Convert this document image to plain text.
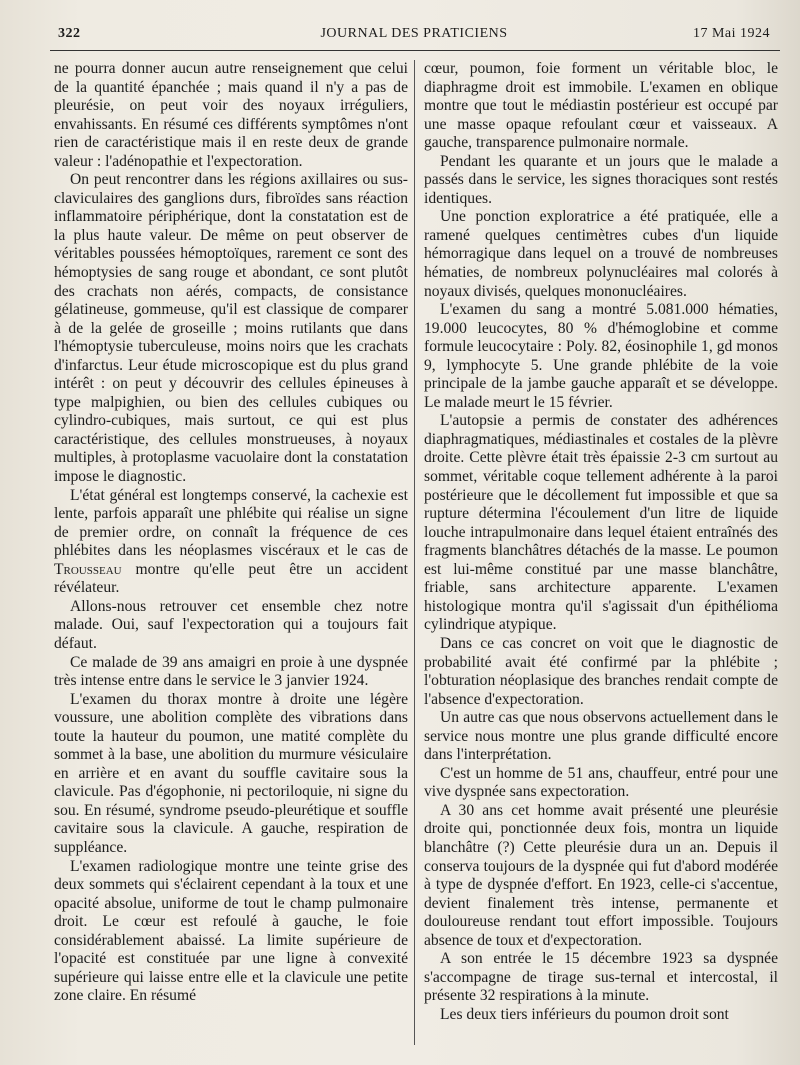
322	JOURNAL DES PRATICIENS	17 Mai 1924

ne pourra donner aucun autre renseignement que celui de la quantité épanchée ; mais quand il n'y a pas de pleurésie, on peut voir des noyaux irréguliers, envahissants. En résumé ces différents symptômes n'ont rien de caractéristique mais il en reste deux de grande valeur : l'adénopathie et l'expectoration.

On peut rencontrer dans les régions axillaires ou sus-claviculaires des ganglions durs, fibroïdes sans réaction inflammatoire périphérique, dont la constatation est de la plus haute valeur. De même on peut observer de véritables poussées hémoptoïques, rarement ce sont des hémoptysies de sang rouge et abondant, ce sont plutôt des crachats non aérés, compacts, de consistance gélatineuse, gommeuse, qu'il est classique de comparer à de la gelée de groseille ; moins rutilants que dans l'hémoptysie tuberculeuse, moins noirs que les crachats d'infarctus. Leur étude microscopique est du plus grand intérêt : on peut y découvrir des cellules épineuses à type malpighien, ou bien des cellules cubiques ou cylindro-cubiques, mais surtout, ce qui est plus caractéristique, des cellules monstrueuses, à noyaux multiples, à protoplasme vacuolaire dont la constatation impose le diagnostic.

L'état général est longtemps conservé, la cachexie est lente, parfois apparaît une phlébite qui réalise un signe de premier ordre, on connaît la fréquence de ces phlébites dans les néoplasmes viscéraux et le cas de Trousseau montre qu'elle peut être un accident révélateur.

Allons-nous retrouver cet ensemble chez notre malade. Oui, sauf l'expectoration qui a toujours fait défaut.

Ce malade de 39 ans amaigri en proie à une dyspnée très intense entre dans le service le 3 janvier 1924.

L'examen du thorax montre à droite une légère voussure, une abolition complète des vibrations dans toute la hauteur du poumon, une matité complète du sommet à la base, une abolition du murmure vésiculaire en arrière et en avant du souffle cavitaire sous la clavicule. Pas d'égophonie, ni pectoriloquie, ni signe du sou. En résumé, syndrome pseudo-pleurétique et souffle cavitaire sous la clavicule. A gauche, respiration de suppléance.

L'examen radiologique montre une teinte grise des deux sommets qui s'éclairent cependant à la toux et une opacité absolue, uniforme de tout le champ pulmonaire droit. Le cœur est refoulé à gauche, le foie considérablement abaissé. La limite supérieure de l'opacité est constituée par une ligne à convexité supérieure qui laisse entre elle et la clavicule une petite zone claire. En résumé

cœur, poumon, foie forment un véritable bloc, le diaphragme droit est immobile. L'examen en oblique montre que tout le médiastin postérieur est occupé par une masse opaque refoulant cœur et vaisseaux. A gauche, transparence pulmonaire normale.

Pendant les quarante et un jours que le malade a passés dans le service, les signes thoraciques sont restés identiques.

Une ponction exploratrice a été pratiquée, elle a ramené quelques centimètres cubes d'un liquide hémorragique dans lequel on a trouvé de nombreuses hématies, de nombreux polynucléaires mal colorés à noyaux divisés, quelques mononucléaires.

L'examen du sang a montré 5.081.000 hématies, 19.000 leucocytes, 80 % d'hémoglobine et comme formule leucocytaire : Poly. 82, éosinophile 1, gd monos 9, lymphocyte 5. Une grande phlébite de la voie principale de la jambe gauche apparaît et se développe. Le malade meurt le 15 février.

L'autopsie a permis de constater des adhérences diaphragmatiques, médiastinales et costales de la plèvre droite. Cette plèvre était très épaissie 2-3 cm surtout au sommet, véritable coque tellement adhérente à la paroi postérieure que le décollement fut impossible et que sa rupture détermina l'écoulement d'un litre de liquide louche intrapulmonaire dans lequel étaient entraînés des fragments blanchâtres détachés de la masse. Le poumon est lui-même constitué par une masse blanchâtre, friable, sans architecture apparente. L'examen histologique montra qu'il s'agissait d'un épithélioma cylindrique atypique.

Dans ce cas concret on voit que le diagnostic de probabilité avait été confirmé par la phlébite ; l'obturation néoplasique des branches rendait compte de l'absence d'expectoration.

Un autre cas que nous observons actuellement dans le service nous montre une plus grande difficulté encore dans l'interprétation.

C'est un homme de 51 ans, chauffeur, entré pour une vive dyspnée sans expectoration.

A 30 ans cet homme avait présenté une pleurésie droite qui, ponctionnée deux fois, montra un liquide blanchâtre (?) Cette pleurésie dura un an. Depuis il conserva toujours de la dyspnée qui fut d'abord modérée à type de dyspnée d'effort. En 1923, celle-ci s'accentue, devient finalement très intense, permanente et douloureuse rendant tout effort impossible. Toujours absence de toux et d'expectoration.

A son entrée le 15 décembre 1923 sa dyspnée s'accompagne de tirage sus-ternal et intercostal, il présente 32 respirations à la minute.

Les deux tiers inférieurs du poumon droit sont
